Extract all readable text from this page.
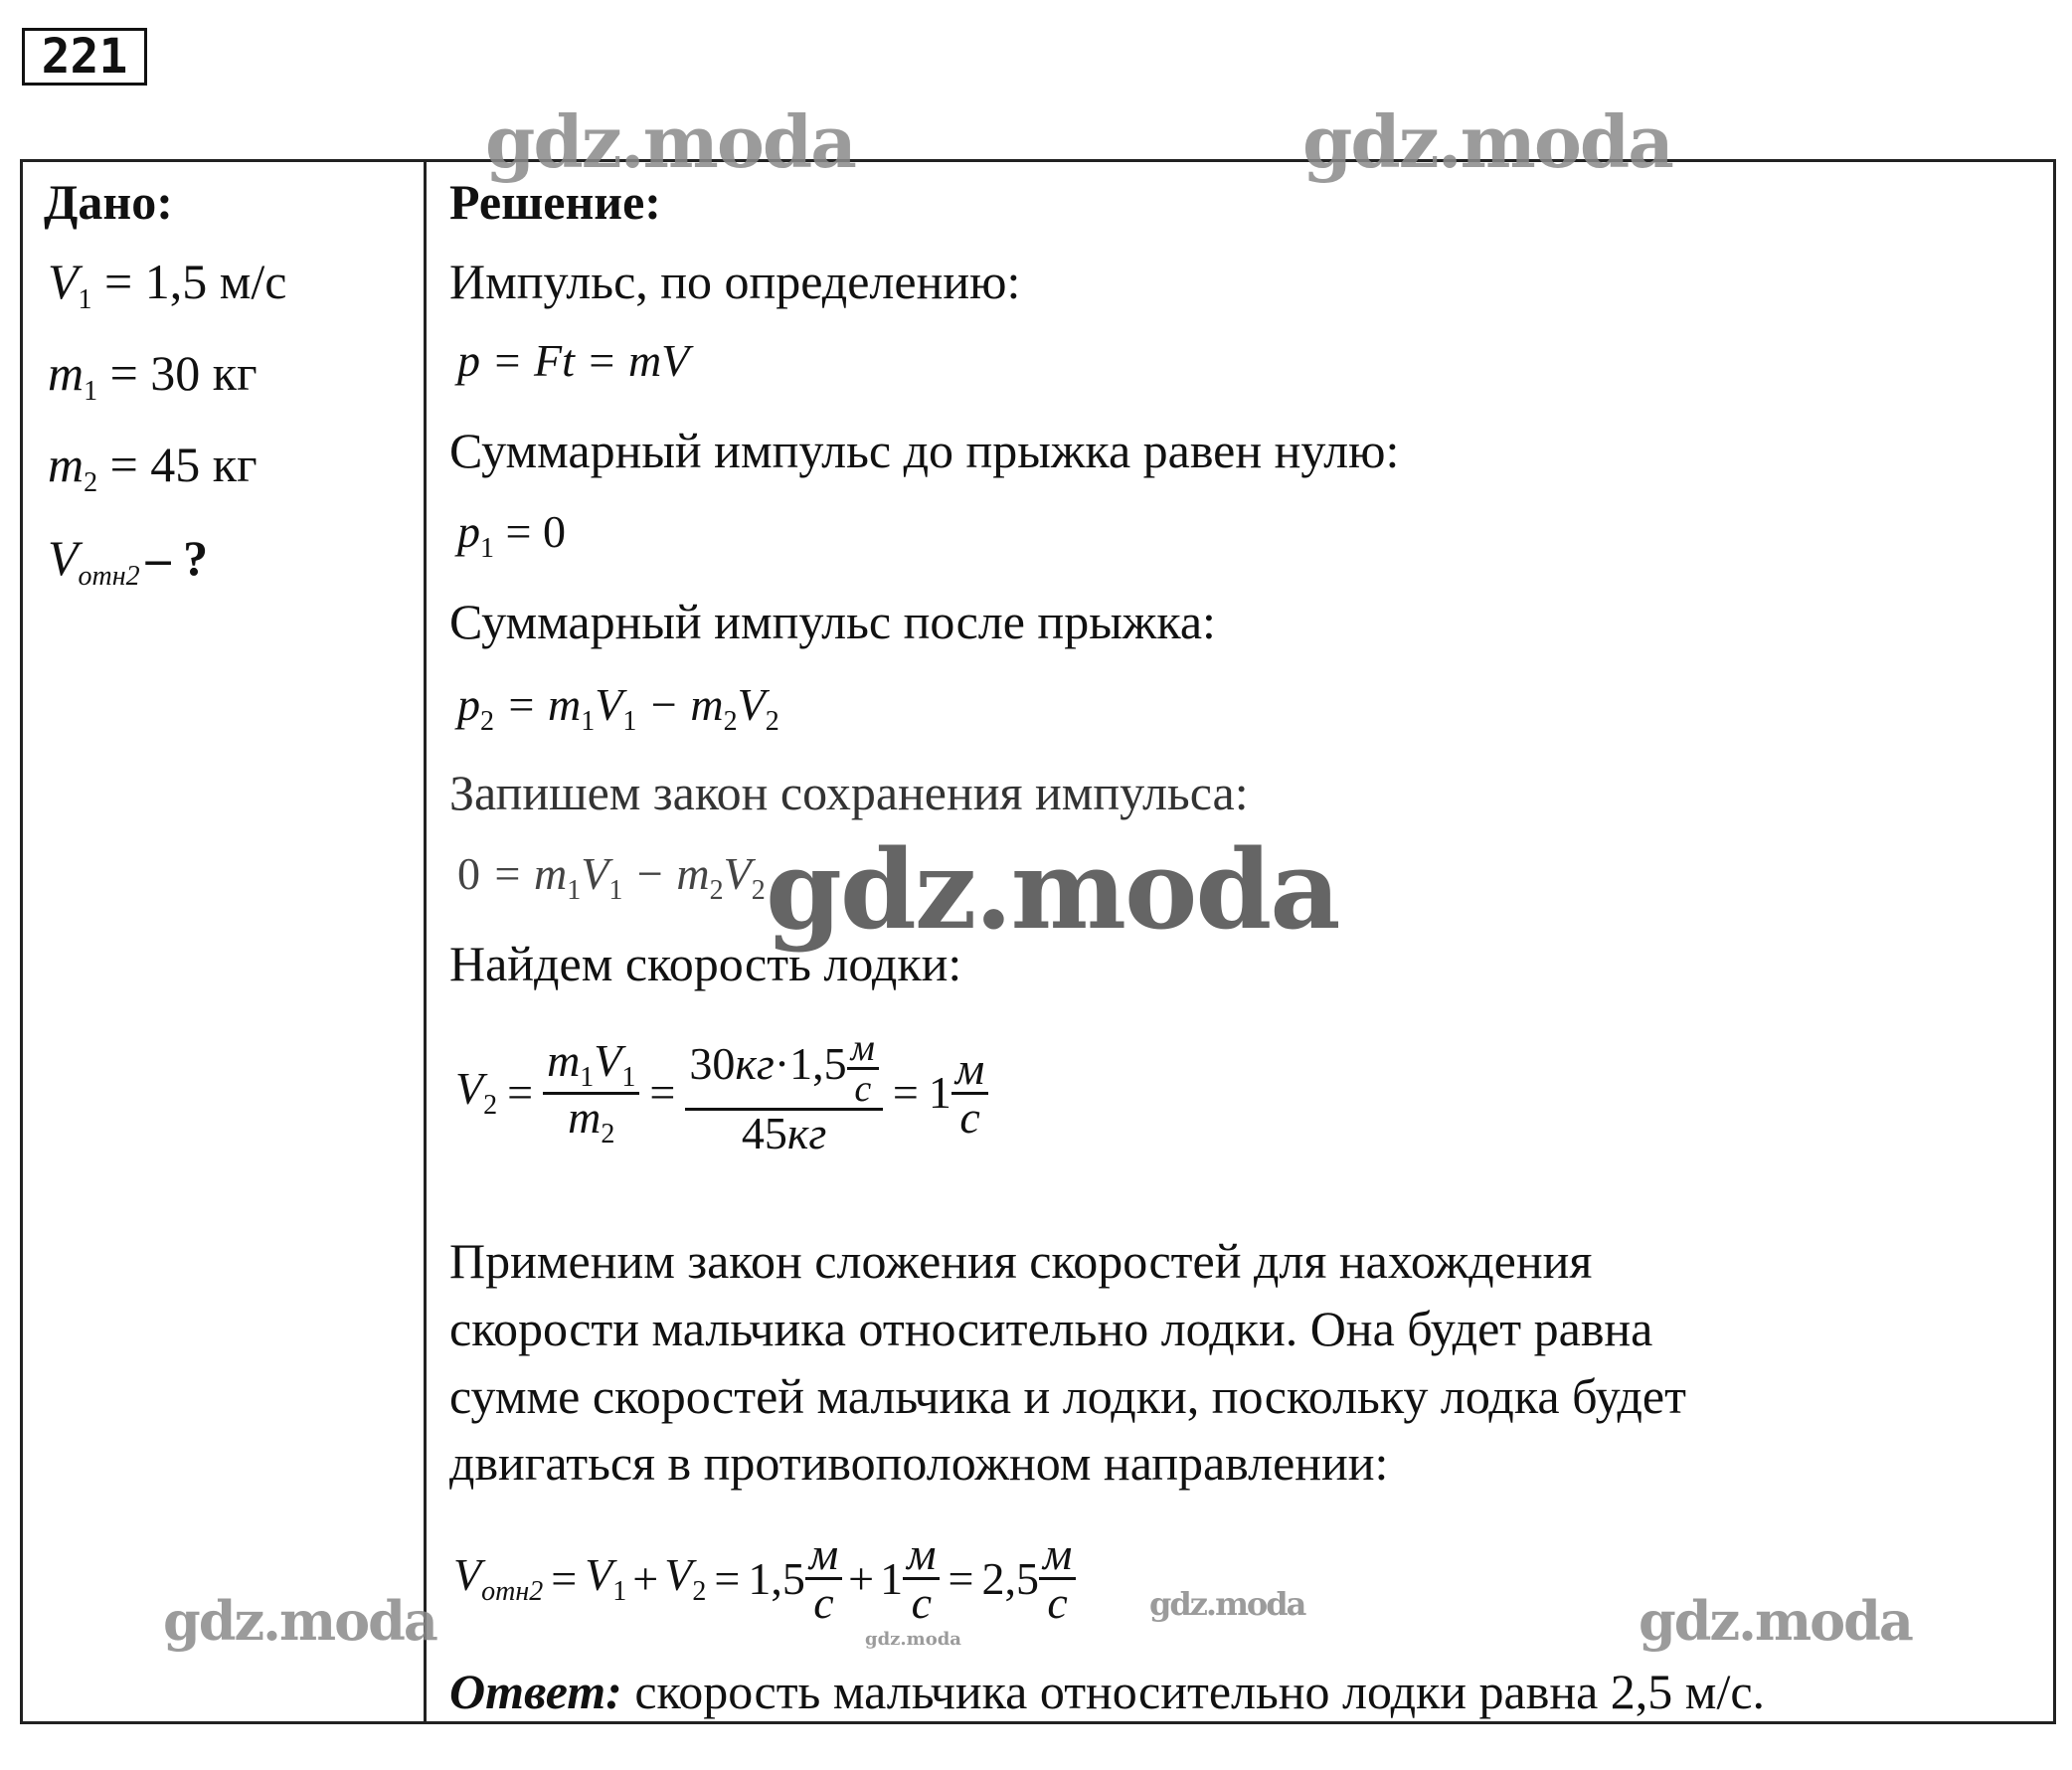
221
Дано:
$V_1 = 1,5$ м/с
$m_1 = 30$ кг
$m_2 = 45$ кг
$V_{отн2}$ – ?
Решение:
Импульс, по определению:
p = Ft = mV
Суммарный импульс до прыжка равен нулю:
$p_1 = 0$
Суммарный импульс после прыжка:
$p_2 = m_1V_1 - m_2V_2$
Запишем закон сохранения импульса:
$0 = m_1V_1 - m_2V_2$
Найдем скорость лодки:
$V_2 = \frac{m_1V_1}{m_2} = \frac{30кг\cdot 1,5 \frac{м}{с}}{45кг} = 1 \frac{м}{с}$
Применим закон сложения скоростей для нахождения
скорости мальчика относительно лодки. Она будет равна
сумме скоростей мальчика и лодки, поскольку лодка будет
двигаться в противоположном направлении:
$V_{отн2} = V_1 + V_2 = 1,5 \frac{м}{с} + 1 \frac{м}{с} = 2,5 \frac{м}{с}$
Ответ: скорость мальчика относительно лодки равна 2,5 м/с.
gdz.moda	gdz.moda
gdz.moda
gdz.moda	gdz.moda
gdz.moda	gdz.moda
